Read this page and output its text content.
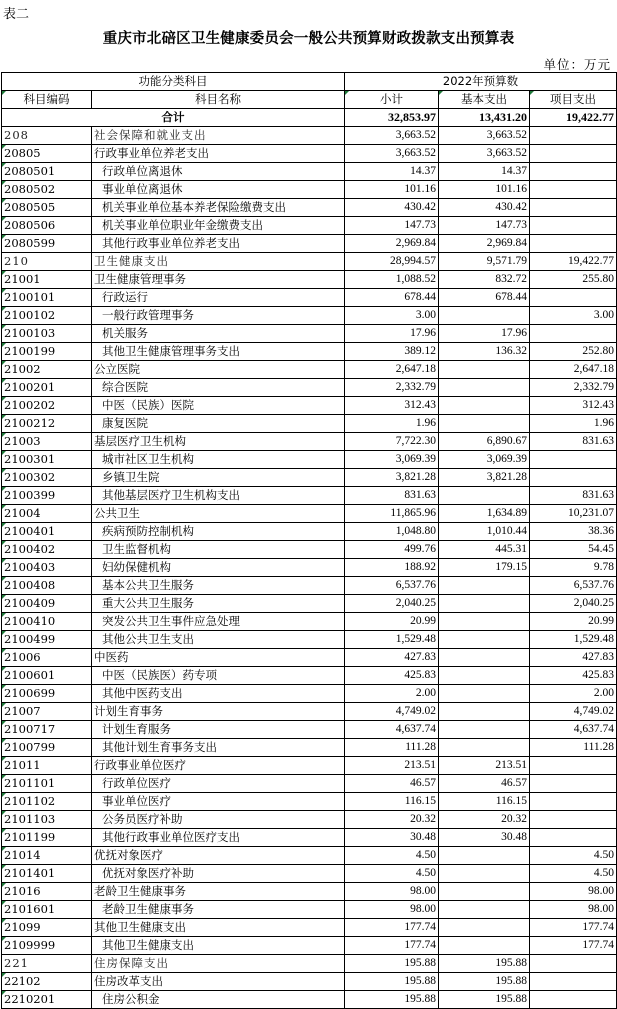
表二
重庆市北碚区卫生健康委员会一般公共预算财政拨款支出预算表
单位：万元
功能分类科目		2022年预算数		
科目编码	科目名称	小计	基本支出	项目支出
合计		32,853.97	13,431.20	19,422.77
208	社会保障和就业支出	3,663.52	3,663.52	
20805	行政事业单位养老支出	3,663.52	3,663.52	
2080501	行政单位离退休	14.37	14.37	
2080502	事业单位离退休	101.16	101.16	
2080505	机关事业单位基本养老保险缴费支出	430.42	430.42	
2080506	机关事业单位职业年金缴费支出	147.73	147.73	
2080599	其他行政事业单位养老支出	2,969.84	2,969.84	
210	卫生健康支出	28,994.57	9,571.79	19,422.77
21001	卫生健康管理事务	1,088.52	832.72	255.80
2100101	行政运行	678.44	678.44	
2100102	一般行政管理事务	3.00		3.00
2100103	机关服务	17.96	17.96	
2100199	其他卫生健康管理事务支出	389.12	136.32	252.80
21002	公立医院	2,647.18		2,647.18
2100201	综合医院	2,332.79		2,332.79
2100202	中医（民族）医院	312.43		312.43
2100212	康复医院	1.96		1.96
21003	基层医疗卫生机构	7,722.30	6,890.67	831.63
2100301	城市社区卫生机构	3,069.39	3,069.39	
2100302	乡镇卫生院	3,821.28	3,821.28	
2100399	其他基层医疗卫生机构支出	831.63		831.63
21004	公共卫生	11,865.96	1,634.89	10,231.07
2100401	疾病预防控制机构	1,048.80	1,010.44	38.36
2100402	卫生监督机构	499.76	445.31	54.45
2100403	妇幼保健机构	188.92	179.15	9.78
2100408	基本公共卫生服务	6,537.76		6,537.76
2100409	重大公共卫生服务	2,040.25		2,040.25
2100410	突发公共卫生事件应急处理	20.99		20.99
2100499	其他公共卫生支出	1,529.48		1,529.48
21006	中医药	427.83		427.83
2100601	中医（民族医）药专项	425.83		425.83
2100699	其他中医药支出	2.00		2.00
21007	计划生育事务	4,749.02		4,749.02
2100717	计划生育服务	4,637.74		4,637.74
2100799	其他计划生育事务支出	111.28		111.28
21011	行政事业单位医疗	213.51	213.51	
2101101	行政单位医疗	46.57	46.57	
2101102	事业单位医疗	116.15	116.15	
2101103	公务员医疗补助	20.32	20.32	
2101199	其他行政事业单位医疗支出	30.48	30.48	
21014	优抚对象医疗	4.50		4.50
2101401	优抚对象医疗补助	4.50		4.50
21016	老龄卫生健康事务	98.00		98.00
2101601	老龄卫生健康事务	98.00		98.00
21099	其他卫生健康支出	177.74		177.74
2109999	其他卫生健康支出	177.74		177.74
221	住房保障支出	195.88	195.88	
22102	住房改革支出	195.88	195.88	
2210201	住房公积金	195.88	195.88	
